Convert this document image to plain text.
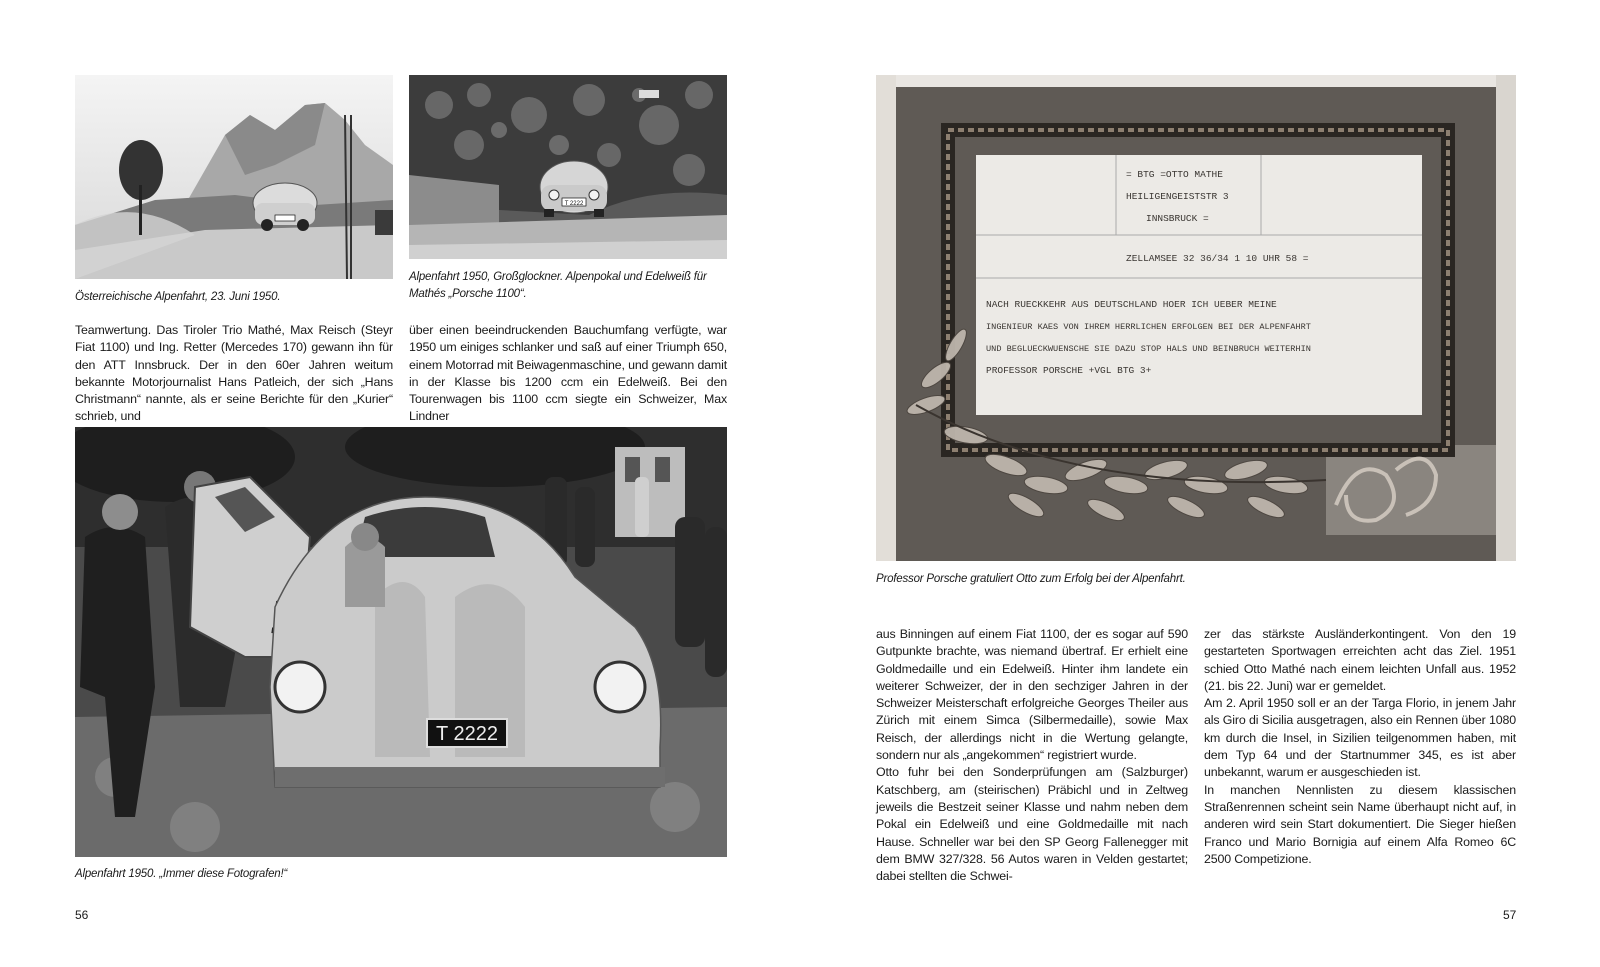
Österreichische Alpenfahrt, 23. Juni 1950.
T 2222
Alpenfahrt 1950, Großglockner. Alpenpokal und Edelweiß für Mathés „Porsche 1100“.
Teamwertung. Das Tiroler Trio Mathé, Max Reisch (Steyr Fiat 1100) und Ing. Retter (Mercedes 170) gewann ihn für den ATT Innsbruck. Der in den 60er Jahren weitum bekannte Motorjournalist Hans Patleich, der sich „Hans Christmann“ nannte, als er seine Berichte für den „Kurier“ schrieb, und
über einen beeindruckenden Bauchumfang verfügte, war 1950 um einiges schlanker und saß auf einer Triumph 650, einem Motorrad mit Beiwagenmaschine, und gewann damit in der Klasse bis 1200 ccm ein Edelweiß. Bei den Tourenwagen bis 1100 ccm siegte ein Schweizer, Max Lindner
T 2222
Alpenfahrt 1950. „Immer diese Fotografen!“
56
= BTG =OTTO MATHE
HEILIGENGEISTSTR 3
INNSBRUCK =
ZELLAMSEE 32 36/34 1 10 UHR 58 =
NACH RUECKKEHR AUS DEUTSCHLAND HOER ICH UEBER MEINE
INGENIEUR KAES VON IHREM HERRLICHEN ERFOLGEN BEI DER ALPENFAHRT
UND BEGLUECKWUENSCHE SIE DAZU STOP HALS UND BEINBRUCH WEITERHIN
PROFESSOR PORSCHE +VGL BTG 3+
Professor Porsche gratuliert Otto zum Erfolg bei der Alpenfahrt.

aus Binningen auf einem Fiat 1100, der es sogar auf 590 Gutpunkte brachte, was niemand übertraf. Er erhielt eine Goldmedaille und ein Edelweiß. Hinter ihm landete ein weiterer Schweizer, der in den sechziger Jahren in der Schweizer Meisterschaft erfolgreiche Georges Theiler aus Zürich mit einem Simca (Silbermedaille), sowie Max Reisch, der allerdings nicht in die Wertung gelangte, sondern nur als „angekommen“ registriert wurde.

Otto fuhr bei den Sonderprüfungen am (Salzburger) Katschberg, am (steirischen) Präbichl und in Zeltweg jeweils die Bestzeit seiner Klasse und nahm neben dem Pokal ein Edelweiß und eine Goldmedaille mit nach Hause. Schneller war bei den SP Georg Fallenegger mit dem BMW 327/328. 56 Autos waren in Velden gestartet; dabei stellten die Schwei-

zer das stärkste Ausländerkontingent. Von den 19 gestarteten Sportwagen erreichten acht das Ziel. 1951 schied Otto Mathé nach einem leichten Unfall aus. 1952 (21. bis 22. Juni) war er gemeldet.

Am 2. April 1950 soll er an der Targa Florio, in jenem Jahr als Giro di Sicilia ausgetragen, also ein Rennen über 1080 km durch die Insel, in Sizilien teilgenommen haben, mit dem Typ 64 und der Startnummer 345, es ist aber unbekannt, warum er ausgeschieden ist.

In manchen Nennlisten zu diesem klassischen Straßenrennen scheint sein Name überhaupt nicht auf, in anderen wird sein Start dokumentiert. Die Sieger hießen Franco und Mario Bornigia auf einem Alfa Romeo 6C 2500 Competizione.

57
